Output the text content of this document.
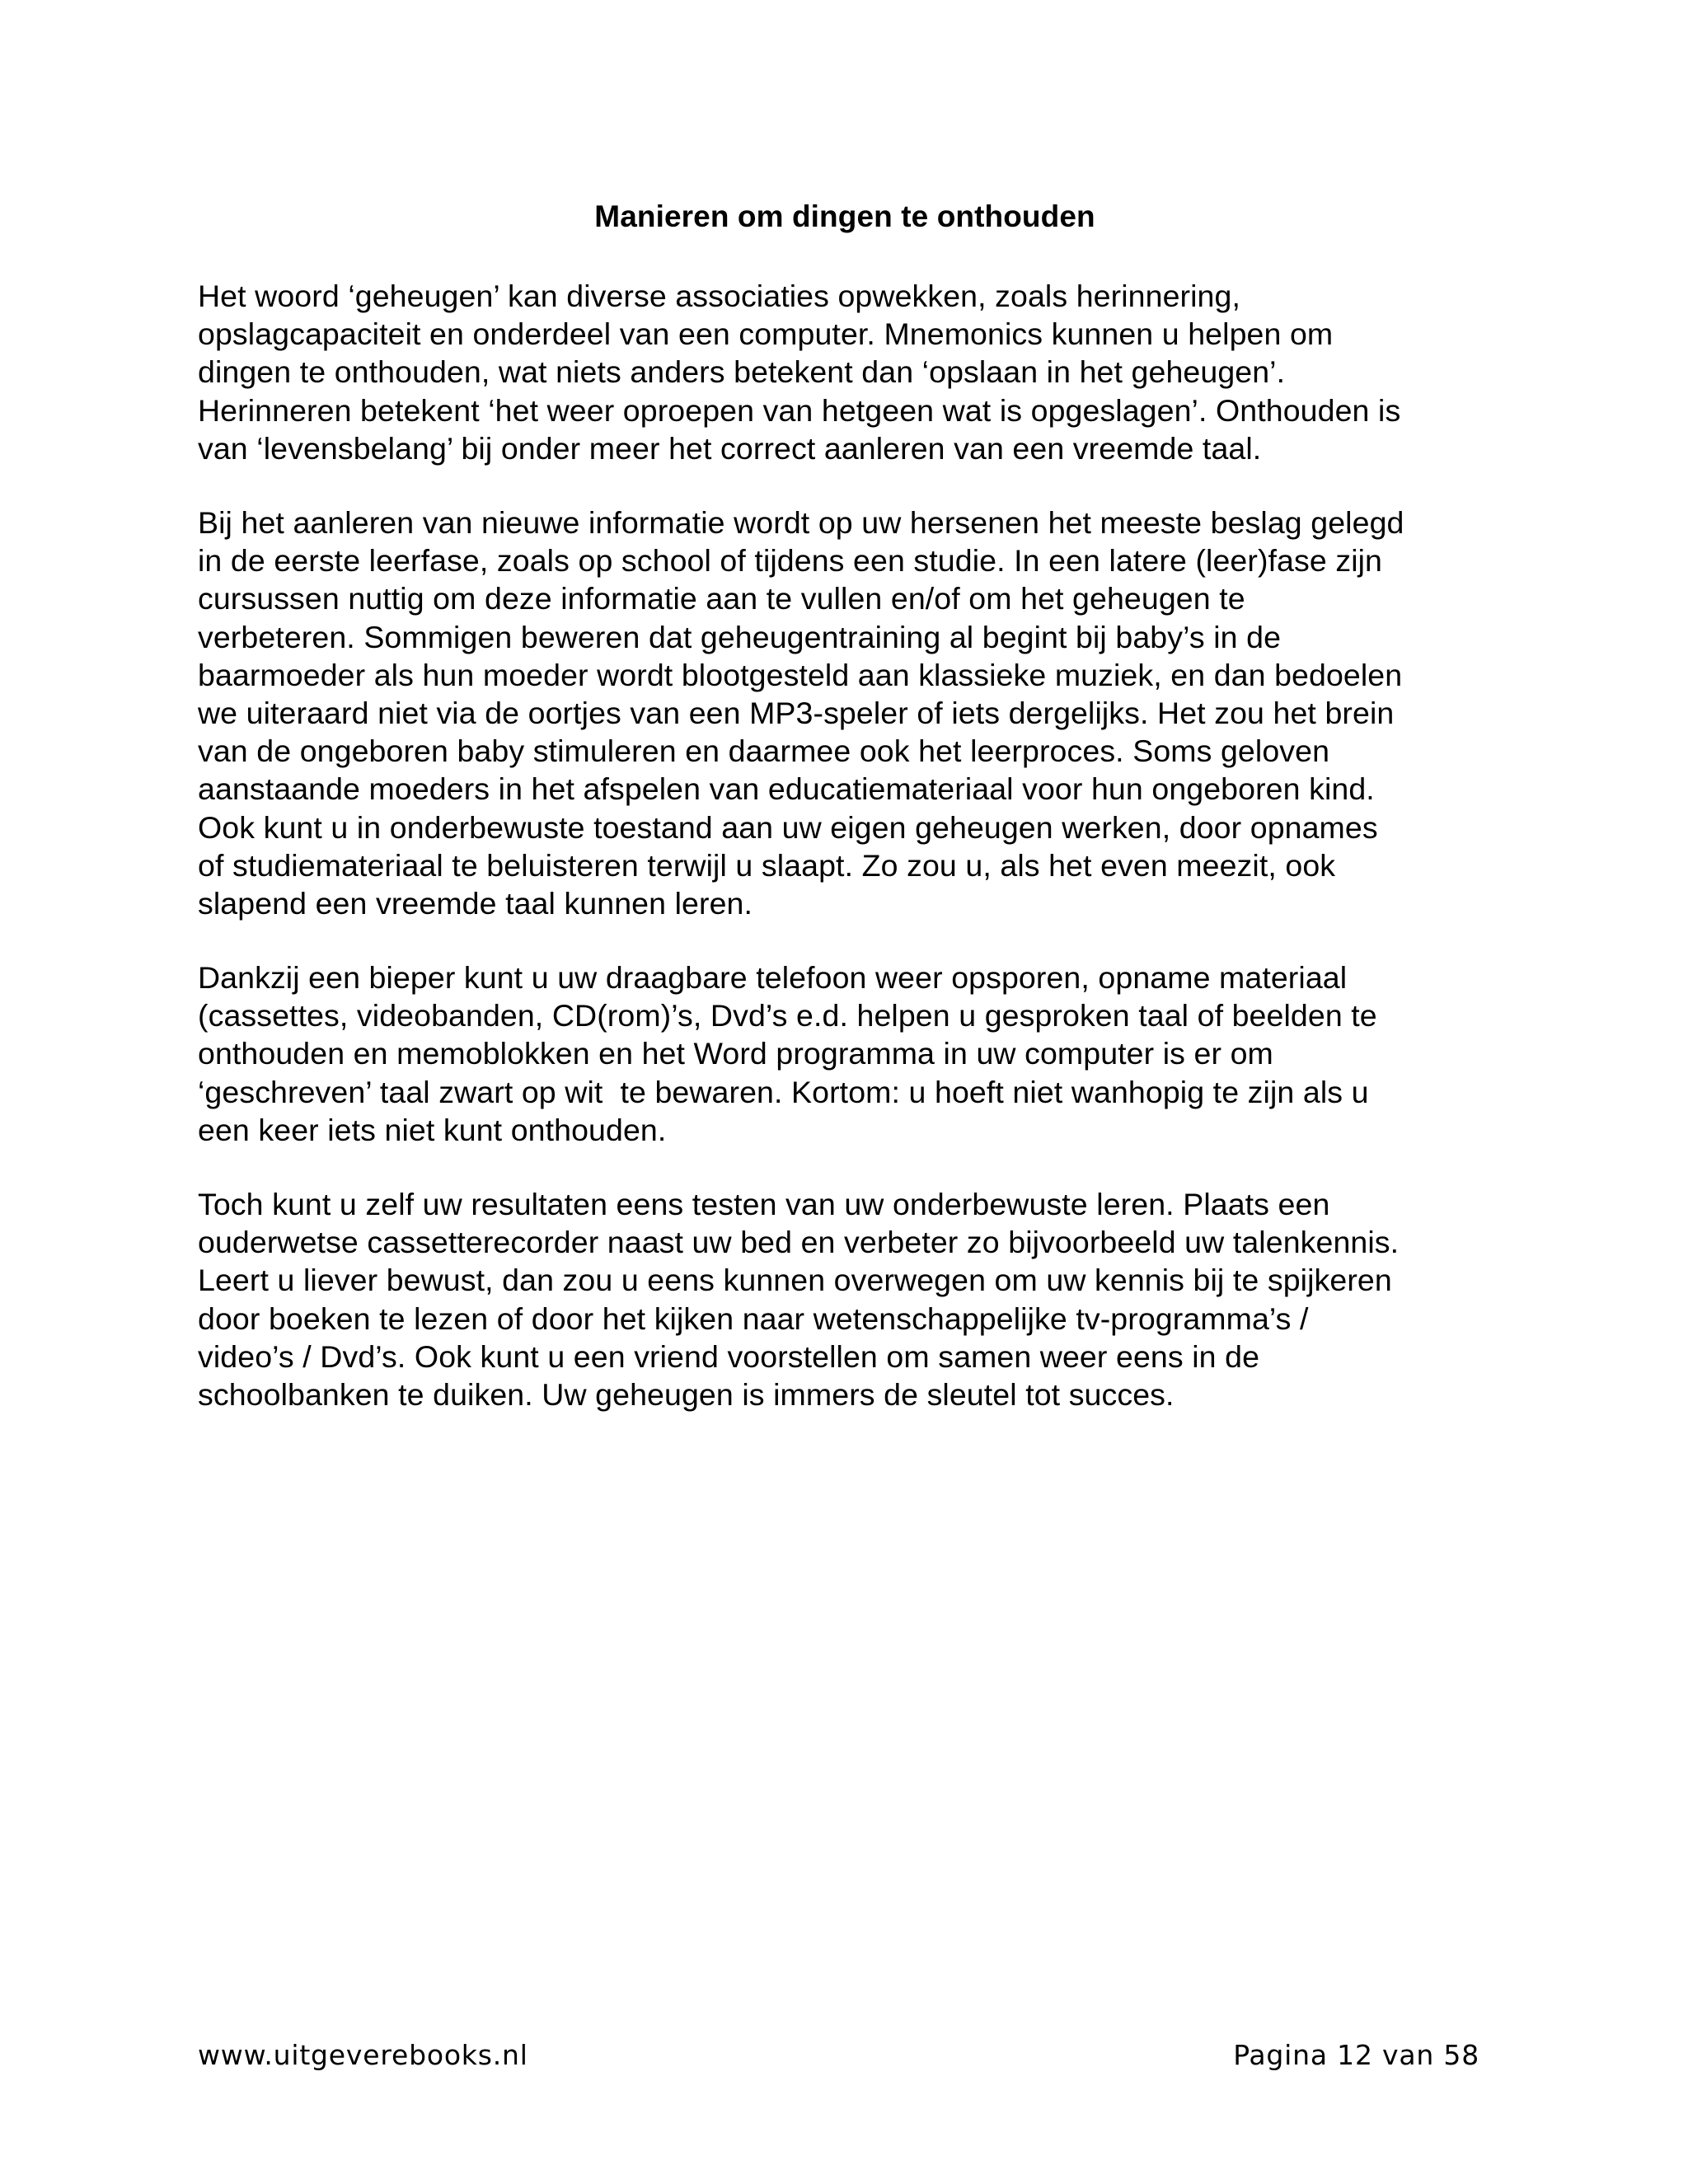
Manieren om dingen te onthouden
Het woord ‘geheugen’ kan diverse associaties opwekken, zoals herinnering,
opslagcapaciteit en onderdeel van een computer. Mnemonics kunnen u helpen om
dingen te onthouden, wat niets anders betekent dan ‘opslaan in het geheugen’.
Herinneren betekent ‘het weer oproepen van hetgeen wat is opgeslagen’. Onthouden is
van ‘levensbelang’ bij onder meer het correct aanleren van een vreemde taal.
Bij het aanleren van nieuwe informatie wordt op uw hersenen het meeste beslag gelegd
in de eerste leerfase, zoals op school of tijdens een studie. In een latere (leer)fase zijn
cursussen nuttig om deze informatie aan te vullen en/of om het geheugen te
verbeteren. Sommigen beweren dat geheugentraining al begint bij baby’s in de
baarmoeder als hun moeder wordt blootgesteld aan klassieke muziek, en dan bedoelen
we uiteraard niet via de oortjes van een MP3-speler of iets dergelijks. Het zou het brein
van de ongeboren baby stimuleren en daarmee ook het leerproces. Soms geloven
aanstaande moeders in het afspelen van educatiemateriaal voor hun ongeboren kind.
Ook kunt u in onderbewuste toestand aan uw eigen geheugen werken, door opnames
of studiemateriaal te beluisteren terwijl u slaapt. Zo zou u, als het even meezit, ook
slapend een vreemde taal kunnen leren.
Dankzij een bieper kunt u uw draagbare telefoon weer opsporen, opname materiaal
(cassettes, videobanden, CD(rom)’s, Dvd’s e.d. helpen u gesproken taal of beelden te
onthouden en memoblokken en het Word programma in uw computer is er om
‘geschreven’ taal zwart op wit  te bewaren. Kortom: u hoeft niet wanhopig te zijn als u
een keer iets niet kunt onthouden.
Toch kunt u zelf uw resultaten eens testen van uw onderbewuste leren. Plaats een
ouderwetse cassetterecorder naast uw bed en verbeter zo bijvoorbeeld uw talenkennis.
Leert u liever bewust, dan zou u eens kunnen overwegen om uw kennis bij te spijkeren
door boeken te lezen of door het kijken naar wetenschappelijke tv-programma’s /
video’s / Dvd’s. Ook kunt u een vriend voorstellen om samen weer eens in de
schoolbanken te duiken. Uw geheugen is immers de sleutel tot succes.

www.uitgeverebooks.nl	Pagina 12 van 58
